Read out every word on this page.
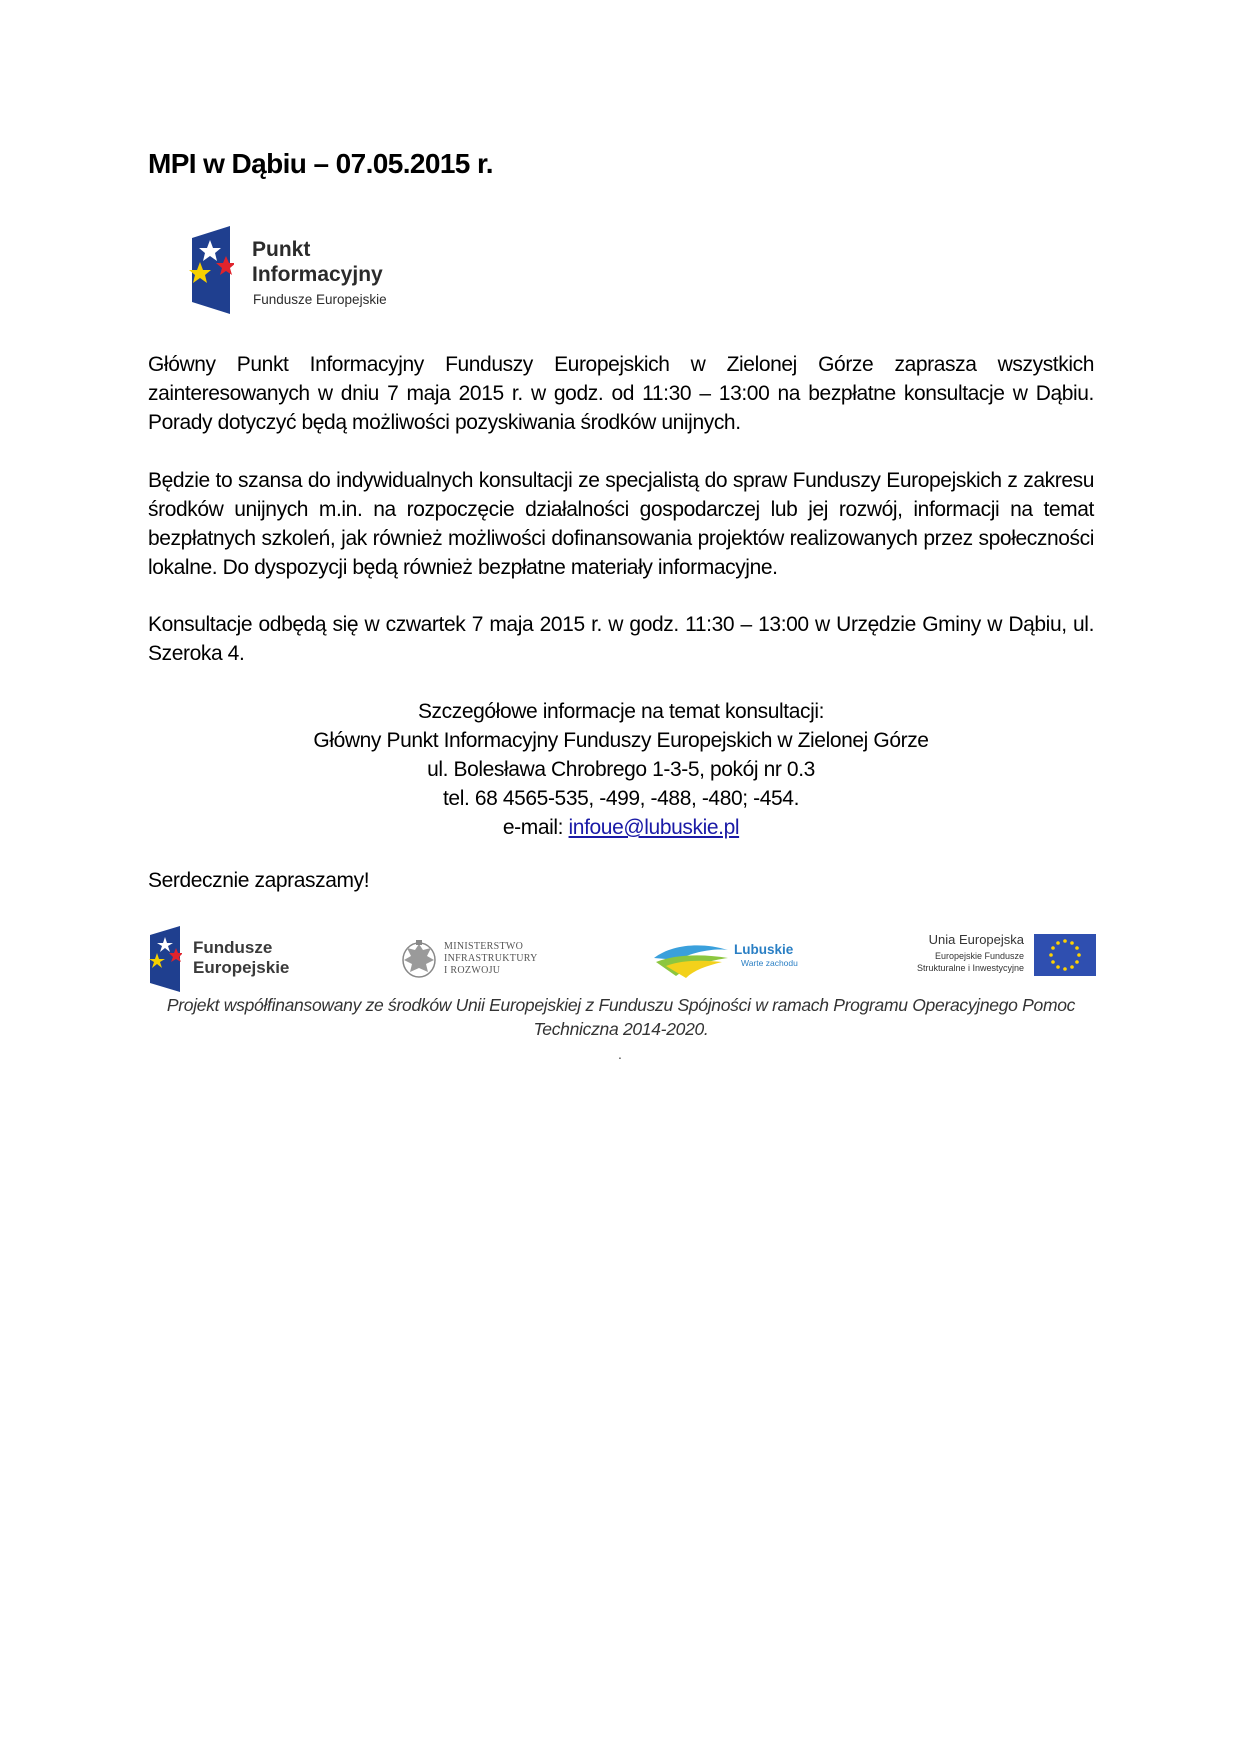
MPI w Dąbiu – 07.05.2015 r.
Punkt
Informacyjny
Fundusze Europejskie

Główny Punkt Informacyjny Funduszy Europejskich w Zielonej Górze zaprasza wszystkich zainteresowanych w dniu 7 maja 2015 r. w godz. od 11:30 – 13:00 na bezpłatne konsultacje w Dąbiu. Porady dotyczyć będą możliwości pozyskiwania środków unijnych.

Będzie to szansa do indywidualnych konsultacji ze specjalistą do spraw Funduszy Europejskich z zakresu środków unijnych m.in. na rozpoczęcie działalności gospodarczej lub jej rozwój, informacji na temat bezpłatnych szkoleń, jak również możliwości dofinansowania projektów realizowanych przez społeczności lokalne. Do dyspozycji będą również bezpłatne materiały informacyjne.

Konsultacje odbędą się w czwartek 7 maja 2015 r. w godz. 11:30 – 13:00 w Urzędzie Gminy w Dąbiu, ul. Szeroka 4.

Szczegółowe informacje na temat konsultacji:
Główny Punkt Informacyjny Funduszy Europejskich w Zielonej Górze
ul. Bolesława Chrobrego 1-3-5, pokój nr 0.3
tel. 68 4565-535, -499, -488, -480; -454.
e-mail: infoue@lubuskie.pl

Serdecznie zapraszamy!

Fundusze
Europejskie
MINISTERSTWO
INFRASTRUKTURY
I ROZWOJU
Lubuskie
Warte zachodu
Unia Europejska
Europejskie Fundusze
Strukturalne i Inwestycyjne
Projekt współfinansowany ze środków Unii Europejskiej z Funduszu Spójności w ramach Programu Operacyjnego Pomoc
Techniczna 2014-2020.
.
